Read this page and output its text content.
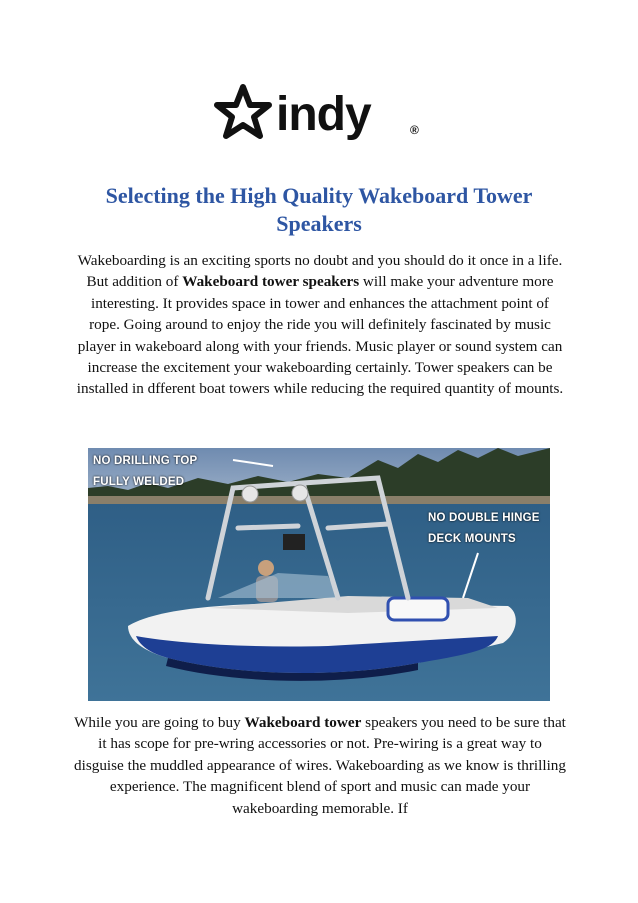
indy	®
Selecting the High Quality Wakeboard Tower Speakers

Wakeboarding is an exciting sports no doubt and you should do it once in a life. But addition of Wakeboard tower speakers will make your adventure more interesting. It provides space in tower and enhances the attachment point of rope. Going around to enjoy the ride you will definitely fascinated by music player in wakeboard along with your friends. Music player or sound system can increase the excitement your wakeboarding certainly. Tower speakers can be installed in dfferent boat towers while reducing the required quantity of mounts.

NO DRILLING TOP
FULLY WELDED
NO DOUBLE HINGE
DECK MOUNTS

While you are going to buy Wakeboard tower speakers you need to be sure that it has scope for pre-wring accessories or not. Pre-wiring is a great way to disguise the muddled appearance of wires. Wakeboarding as we know is thrilling experience. The magnificent blend of sport and music can made your wakeboarding memorable. If
